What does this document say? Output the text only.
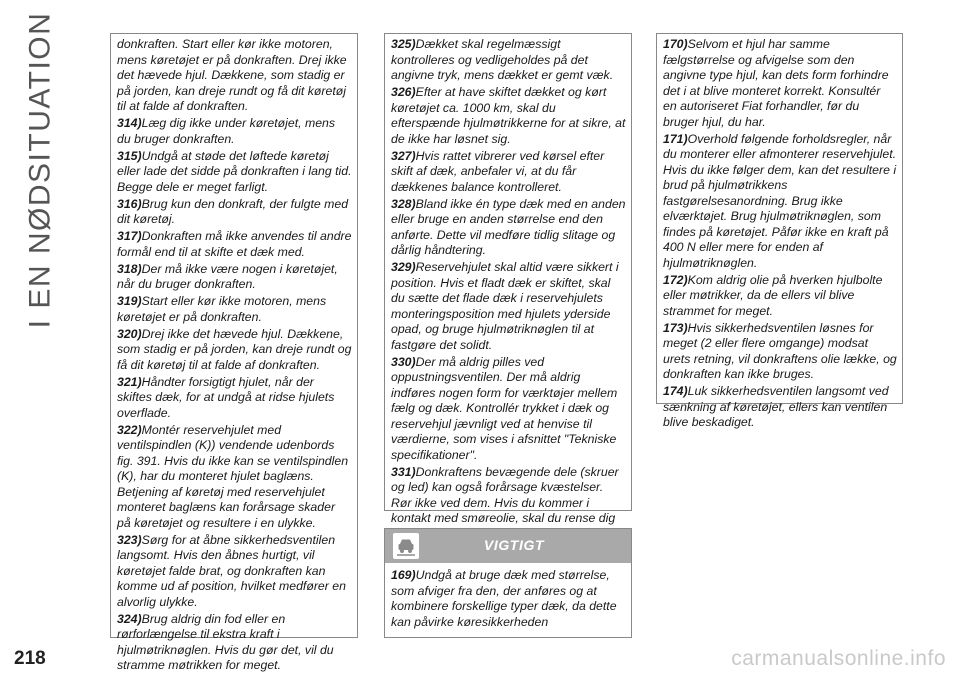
I EN NØDSITUATION	donkraften. Start eller kør ikke motoren, mens køretøjet er på donkraften. Drej ikke det hævede hjul. Dækkene, som stadig er på jorden, kan dreje rundt og få dit køretøj til at falde af donkraften.

314)Læg dig ikke under køretøjet, mens du bruger donkraften.

315)Undgå at støde det løftede køretøj eller lade det sidde på donkraften i lang tid. Begge dele er meget farligt.

316)Brug kun den donkraft, der fulgte med dit køretøj.

317)Donkraften må ikke anvendes til andre formål end til at skifte et dæk med.

318)Der må ikke være nogen i køretøjet, når du bruger donkraften.

319)Start eller kør ikke motoren, mens køretøjet er på donkraften.

320)Drej ikke det hævede hjul. Dækkene, som stadig er på jorden, kan dreje rundt og få dit køretøj til at falde af donkraften.

321)Håndter forsigtigt hjulet, når der skiftes dæk, for at undgå at ridse hjulets overflade.

322)Montér reservehjulet med ventilspindlen (K)) vendende udenbords fig. 391. Hvis du ikke kan se ventilspindlen (K), har du monteret hjulet baglæns. Betjening af køretøj med reservehjulet monteret baglæns kan forårsage skader på køretøjet og resultere i en ulykke.

323)Sørg for at åbne sikkerhedsventilen langsomt. Hvis den åbnes hurtigt, vil køretøjet falde brat, og donkraften kan komme ud af position, hvilket medfører en alvorlig ulykke.

324)Brug aldrig din fod eller en rørforlængelse til ekstra kraft i hjulmøtriknøglen. Hvis du gør det, vil du stramme møtrikken for meget.

325)Dækket skal regelmæssigt kontrolleres og vedligeholdes på det angivne tryk, mens dækket er gemt væk.

326)Efter at have skiftet dækket og kørt køretøjet ca. 1000 km, skal du efterspænde hjulmøtrikkerne for at sikre, at de ikke har løsnet sig.

327)Hvis rattet vibrerer ved kørsel efter skift af dæk, anbefaler vi, at du får dækkenes balance kontrolleret.

328)Bland ikke én type dæk med en anden eller bruge en anden størrelse end den anførte. Dette vil medføre tidlig slitage og dårlig håndtering.

329)Reservehjulet skal altid være sikkert i position. Hvis et fladt dæk er skiftet, skal du sætte det flade dæk i reservehjulets monteringsposition med hjulets yderside opad, og bruge hjulmøtriknøglen til at fastgøre det solidt.

330)Der må aldrig pilles ved oppustningsventilen. Der må aldrig indføres nogen form for værktøjer mellem fælg og dæk. Kontrollér trykket i dæk og reservehjul jævnligt ved at henvise til værdierne, som vises i afsnittet "Tekniske specifikationer".

331)Donkraftens bevægende dele (skruer og led) kan også forårsage kvæstelser. Rør ikke ved dem. Hvis du kommer i kontakt med smøreolie, skal du rense dig

VIGTIGT

169)Undgå at bruge dæk med størrelse, som afviger fra den, der anføres og at kombinere forskellige typer dæk, da dette kan påvirke køresikkerheden

170)Selvom et hjul har samme fælgstørrelse og afvigelse som den angivne type hjul, kan dets form forhindre det i at blive monteret korrekt. Konsultér en autoriseret Fiat forhandler, før du bruger hjul, du har.

171)Overhold følgende forholdsregler, når du monterer eller afmonterer reservehjulet. Hvis du ikke følger dem, kan det resultere i brud på hjulmøtrikkens fastgørelsesanordning. Brug ikke elværktøjet. Brug hjulmøtriknøglen, som findes på køretøjet. Påfør ikke en kraft på 400 N eller mere for enden af hjulmøtriknøglen.

172)Kom aldrig olie på hverken hjulbolte eller møtrikker, da de ellers vil blive strammet for meget.

173)Hvis sikkerhedsventilen løsnes for meget (2 eller flere omgange) modsat urets retning, vil donkraftens olie lække, og donkraften kan ikke bruges.

174)Luk sikkerhedsventilen langsomt ved sænkning af køretøjet, ellers kan ventilen blive beskadiget.

218	carmanualsonline.info
